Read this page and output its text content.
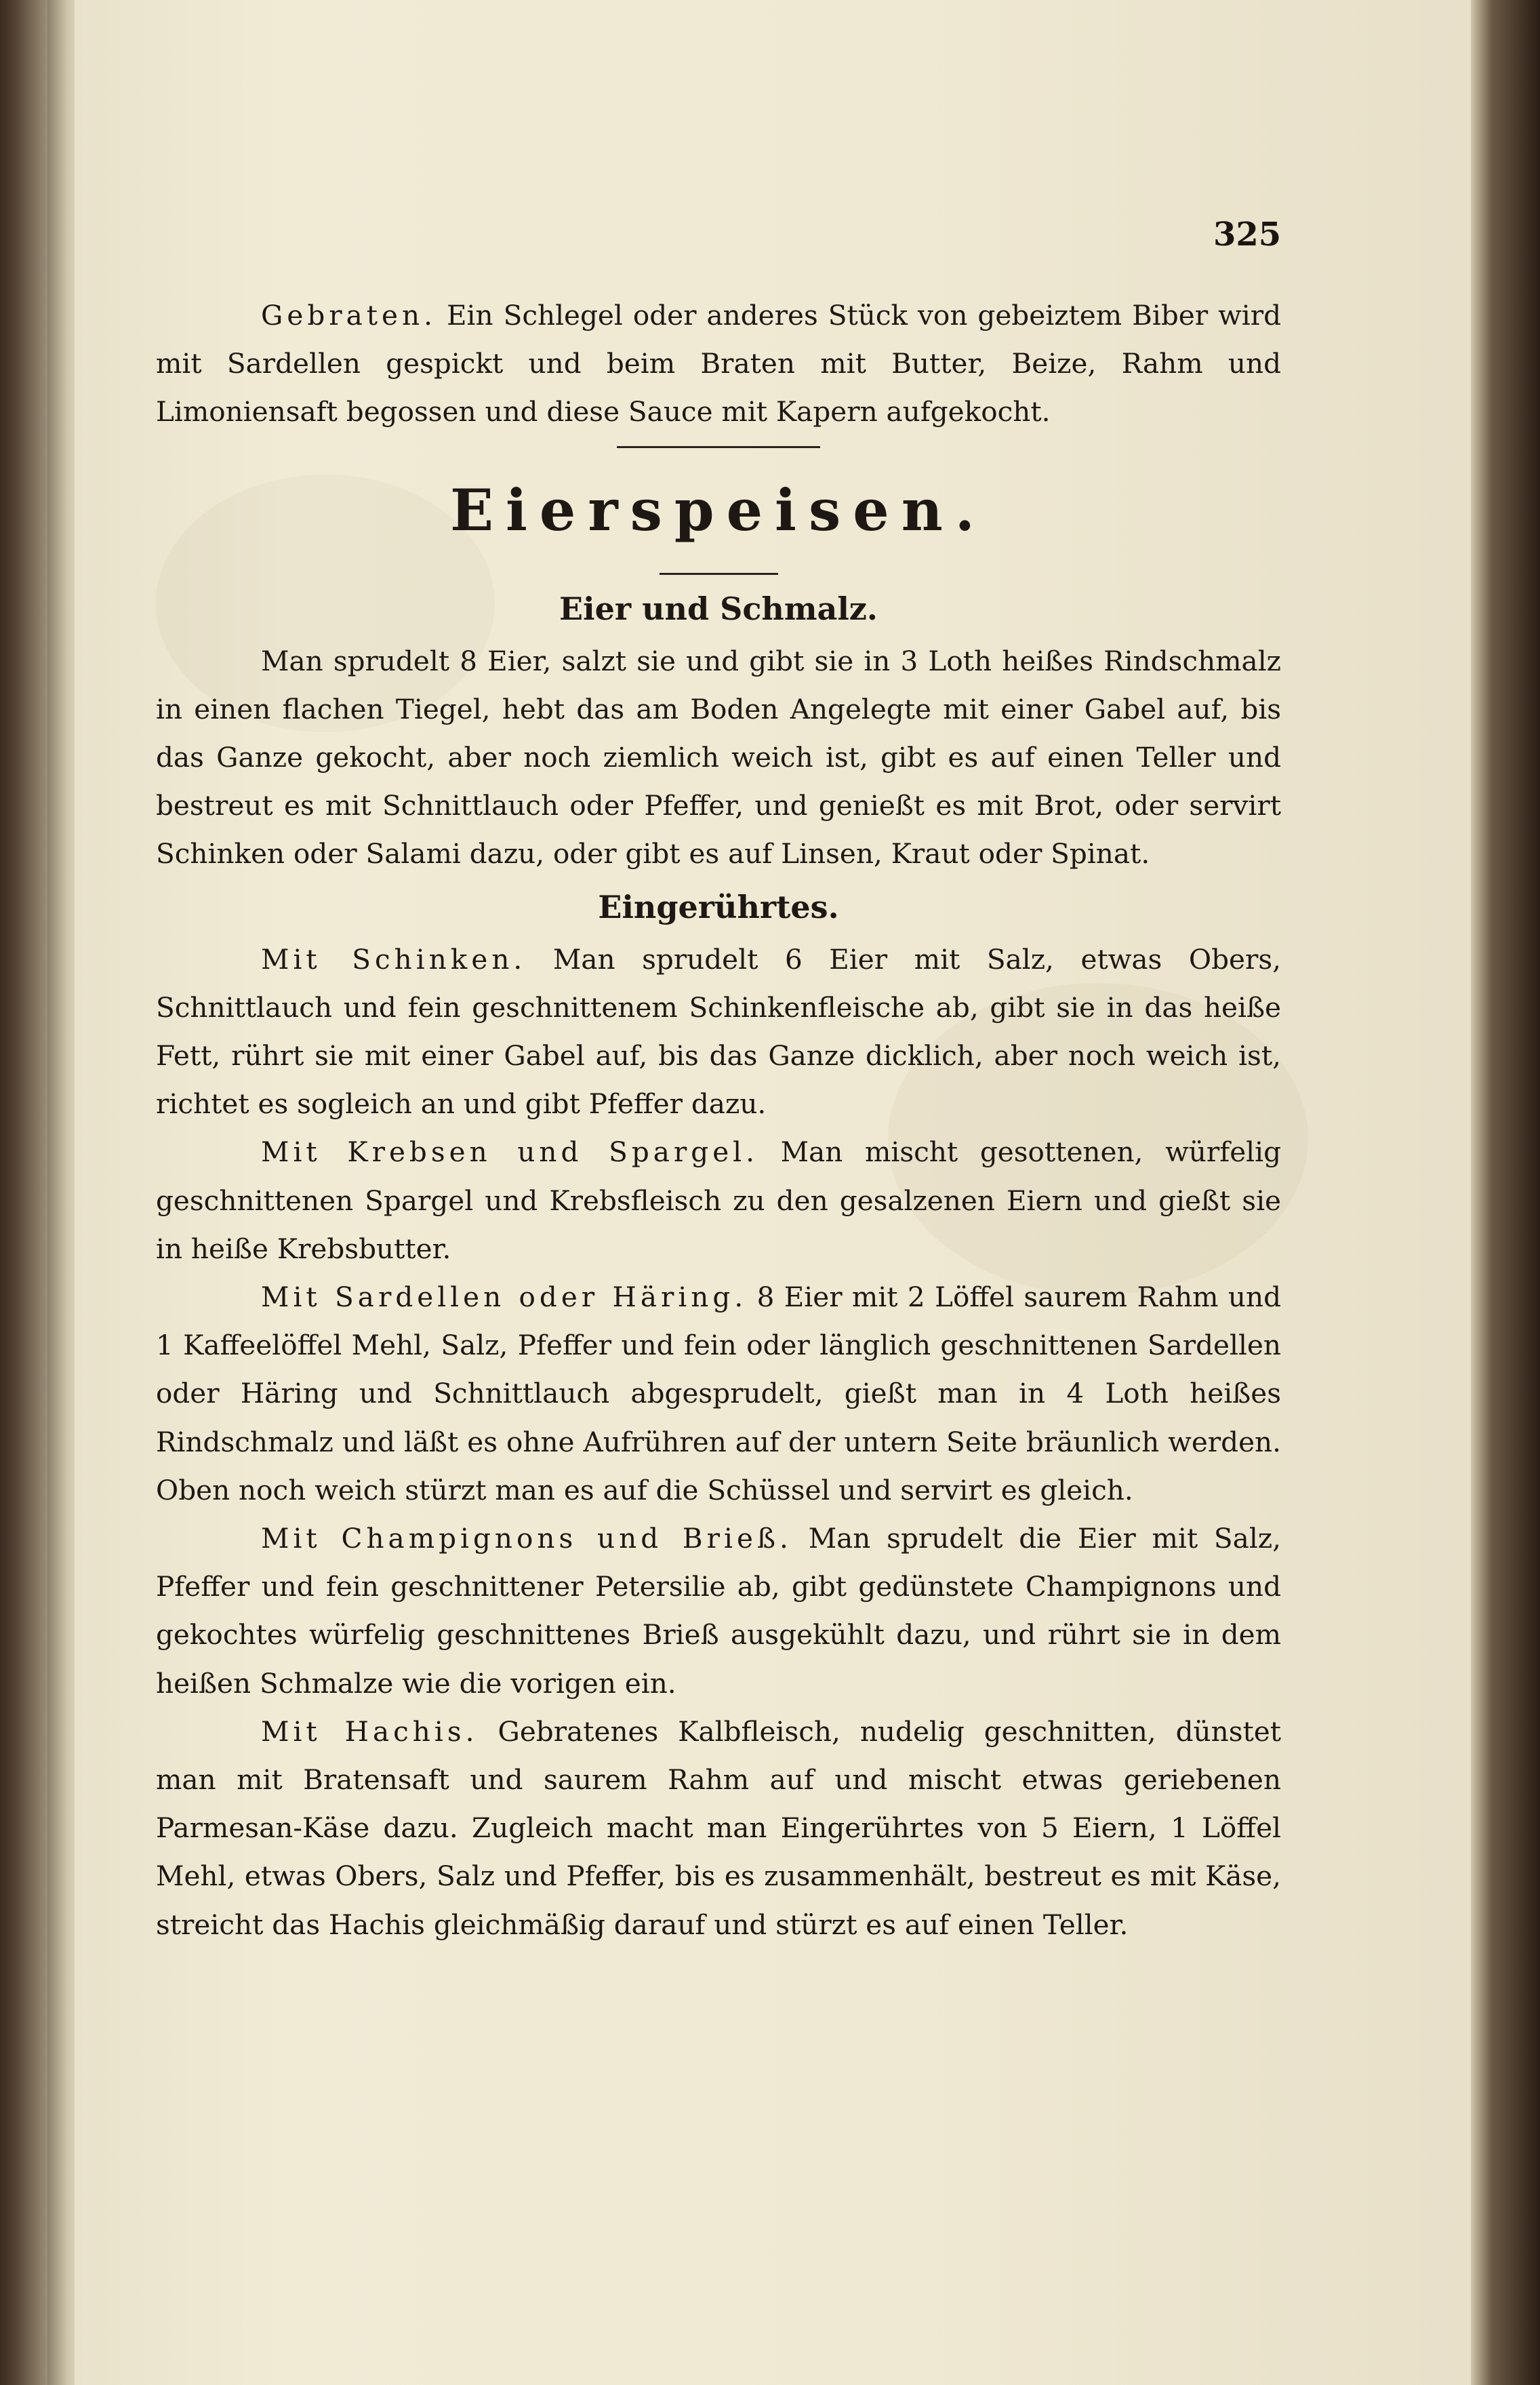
325

Gebraten. Ein Schlegel oder anderes Stück von gebeiztem Biber wird mit Sardellen gespickt und beim Braten mit Butter, Beize, Rahm und Limoniensaft begossen und diese Sauce mit Kapern aufgekocht.

Eierspeisen.
Eier und Schmalz.

Man sprudelt 8 Eier, salzt sie und gibt sie in 3 Loth heißes Rindschmalz in einen flachen Tiegel, hebt das am Boden Angelegte mit einer Gabel auf, bis das Ganze gekocht, aber noch ziemlich weich ist, gibt es auf einen Teller und bestreut es mit Schnittlauch oder Pfeffer, und genießt es mit Brot, oder servirt Schinken oder Salami dazu, oder gibt es auf Linsen, Kraut oder Spinat.

Eingerührtes.

Mit Schinken. Man sprudelt 6 Eier mit Salz, etwas Obers, Schnittlauch und fein geschnittenem Schinkenfleische ab, gibt sie in das heiße Fett, rührt sie mit einer Gabel auf, bis das Ganze dicklich, aber noch weich ist, richtet es sogleich an und gibt Pfeffer dazu.

Mit Krebsen und Spargel. Man mischt gesottenen, würfelig geschnittenen Spargel und Krebsfleisch zu den gesalzenen Eiern und gießt sie in heiße Krebsbutter.

Mit Sardellen oder Häring. 8 Eier mit 2 Löffel saurem Rahm und 1 Kaffeelöffel Mehl, Salz, Pfeffer und fein oder länglich geschnittenen Sardellen oder Häring und Schnittlauch abgesprudelt, gießt man in 4 Loth heißes Rindschmalz und läßt es ohne Aufrühren auf der untern Seite bräunlich werden. Oben noch weich stürzt man es auf die Schüssel und servirt es gleich.

Mit Champignons und Brieß. Man sprudelt die Eier mit Salz, Pfeffer und fein geschnittener Petersilie ab, gibt gedünstete Champignons und gekochtes würfelig geschnittenes Brieß ausgekühlt dazu, und rührt sie in dem heißen Schmalze wie die vorigen ein.

Mit Hachis. Gebratenes Kalbfleisch, nudelig geschnitten, dünstet man mit Bratensaft und saurem Rahm auf und mischt etwas geriebenen Parmesan-Käse dazu. Zugleich macht man Eingerührtes von 5 Eiern, 1 Löffel Mehl, etwas Obers, Salz und Pfeffer, bis es zusammenhält, bestreut es mit Käse, streicht das Hachis gleichmäßig darauf und stürzt es auf einen Teller.
